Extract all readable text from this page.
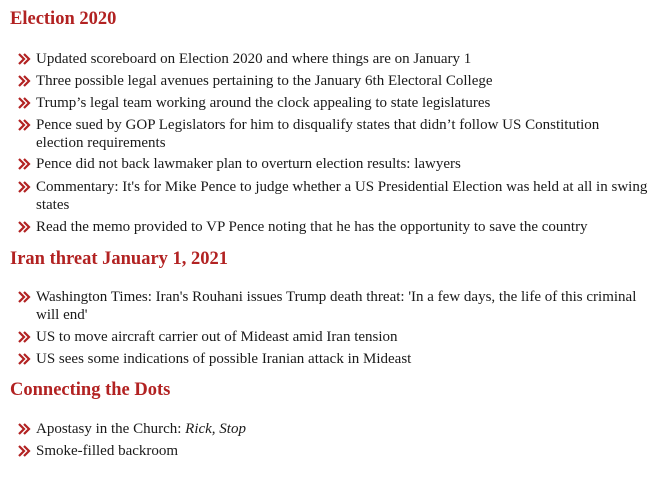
Election 2020
Updated scoreboard on Election 2020 and where things are on January 1
Three possible legal avenues pertaining to the January 6th Electoral College
Trump’s legal team working around the clock appealing to state legislatures
Pence sued by GOP Legislators for him to disqualify states that didn’t follow US Constitution election requirements
Pence did not back lawmaker plan to overturn election results: lawyers
Commentary: It's for Mike Pence to judge whether a US Presidential Election was held at all in swing states
Read the memo provided to VP Pence noting that he has the opportunity to save the country
Iran threat January 1, 2021
Washington Times: Iran's Rouhani issues Trump death threat: 'In a few days, the life of this criminal will end'
US to move aircraft carrier out of Mideast amid Iran tension
US sees some indications of possible Iranian attack in Mideast
Connecting the Dots
Apostasy in the Church: Rick, Stop
Smoke-filled backroom
